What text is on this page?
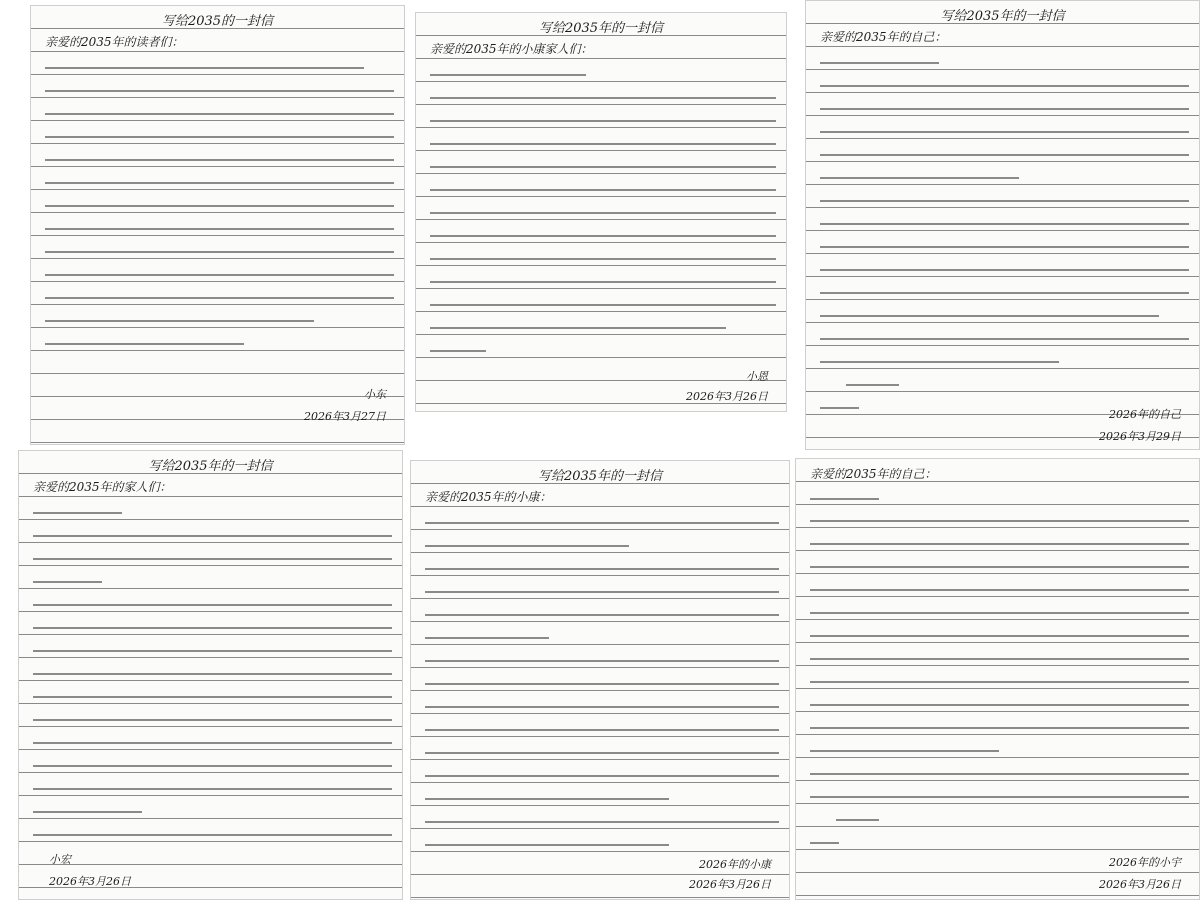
写给2035的一封信
亲爱的2035年的读者们：
小东
2026年3月27日
写给2035年的一封信
亲爱的2035年的小康家人们：
小恩
2026年3月26日
写给2035年的一封信
亲爱的2035年的自己：
2026年的自己
2026年3月29日
写给2035年的一封信
亲爱的2035年的家人们：
小宏
2026年3月26日
写给2035年的一封信
亲爱的2035年的小康：
2026年的小康
2026年3月26日
亲爱的2035年的自己：
2026年的小宇
2026年3月26日
